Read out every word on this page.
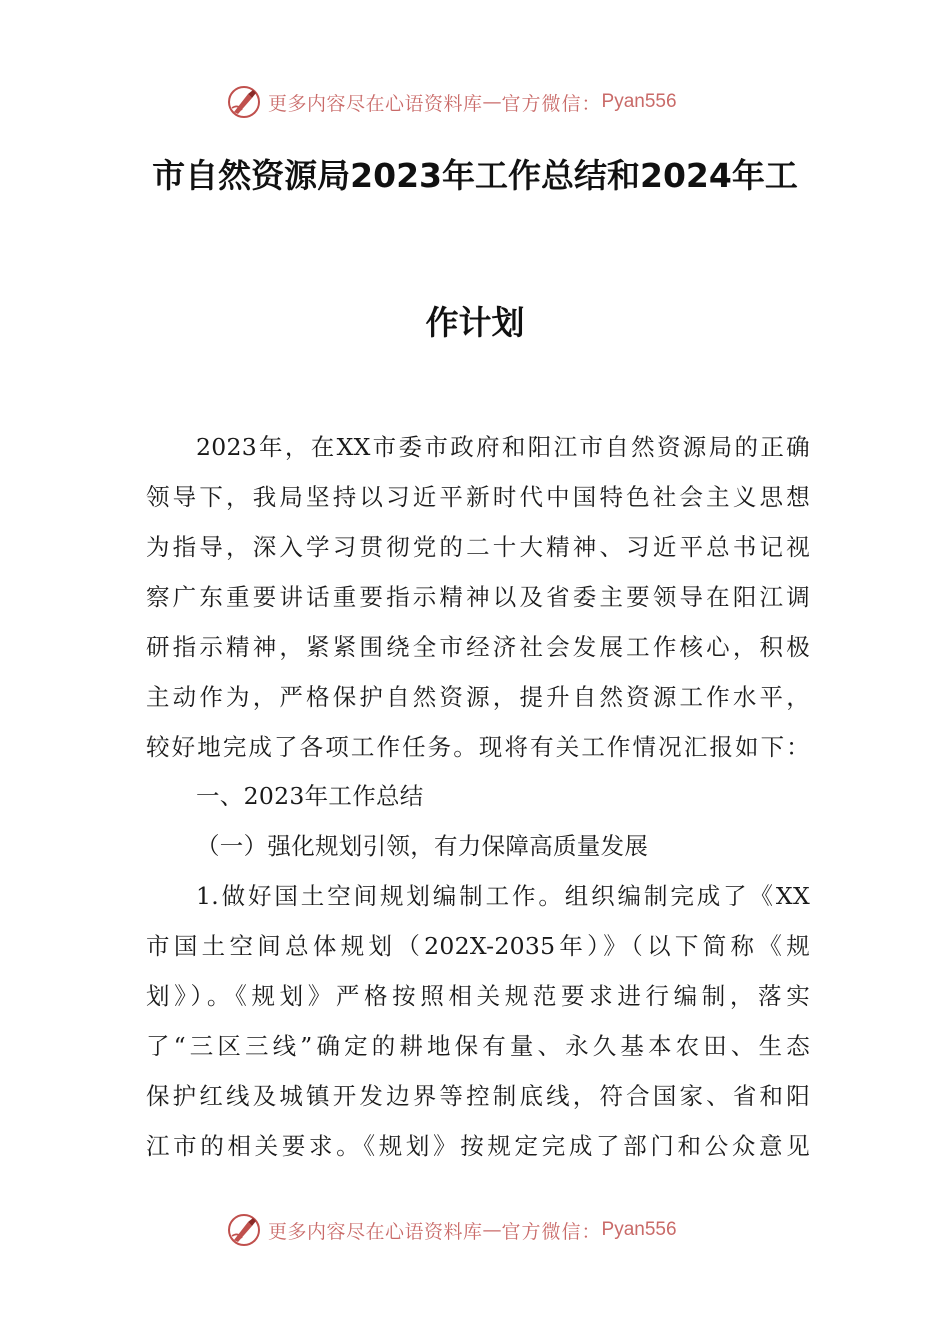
更多内容尽在心语资料库 — 官方微信： Pyan556
市自然资源局2023年工作总结和2024年工
作计划
2023年，在XX市委市政府和阳江市自然资源局的正确
领导下，我局坚持以习近平新时代中国特色社会主义思想
为指导，深入学习贯彻党的二十大精神、习近平总书记视
察广东重要讲话重要指示精神以及省委主要领导在阳江调
研指示精神，紧紧围绕全市经济社会发展工作核心，积极
主动作为，严格保护自然资源，提升自然资源工作水平，
较好地完成了各项工作任务。现将有关工作情况汇报如下：
一、2023年工作总结
（一）强化规划引领，有力保障高质量发展
1.做好国土空间规划编制工作。组织编制完成了《XX
市国土空间总体规划（202X-2035年）》（以下简称《规
划》）。《规划》严格按照相关规范要求进行编制，落实
了“三区三线”确定的耕地保有量、永久基本农田、生态
保护红线及城镇开发边界等控制底线，符合国家、省和阳
江市的相关要求。《规划》按规定完成了部门和公众意见
更多内容尽在心语资料库 — 官方微信： Pyan556
